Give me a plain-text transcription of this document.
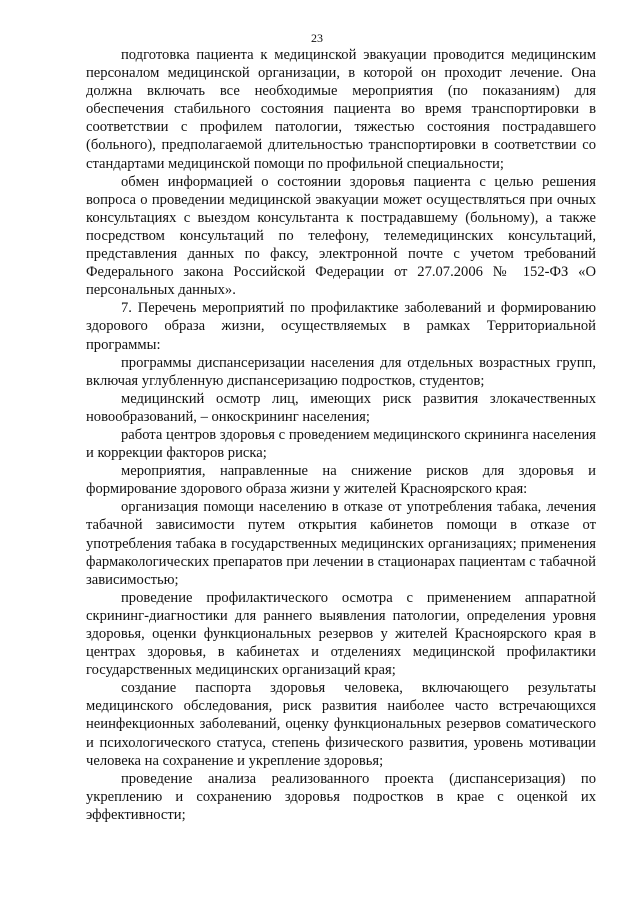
23

подготовка пациента к медицинской эвакуации проводится медицинским персоналом медицинской организации, в которой он проходит лечение. Она должна включать все необходимые мероприятия (по показаниям) для обеспечения стабильного состояния пациента во время транспортировки в соответствии с профилем патологии, тяжестью состояния пострадавшего (больного), предполагаемой длительностью транспортировки в соответствии со стандартами медицинской помощи по профильной специальности;

обмен информацией о состоянии здоровья пациента с целью решения вопроса о проведении медицинской эвакуации может осуществляться при очных консультациях с выездом консультанта к пострадавшему (больному), а также посредством консультаций по телефону, телемедицинских консультаций, представления данных по факсу, электронной почте с учетом требований Федерального закона Российской Федерации от 27.07.2006 № 152-ФЗ «О персональных данных».

7. Перечень мероприятий по профилактике заболеваний и формированию здорового образа жизни, осуществляемых в рамках Территориальной программы:

программы диспансеризации населения для отдельных возрастных групп, включая углубленную диспансеризацию подростков, студентов;

медицинский осмотр лиц, имеющих риск развития злокачественных новообразований, – онкоскрининг населения;

работа центров здоровья с проведением медицинского скрининга населения и коррекции факторов риска;

мероприятия, направленные на снижение рисков для здоровья и формирование здорового образа жизни у жителей Красноярского края:

организация помощи населению в отказе от употребления табака, лечения табачной зависимости путем открытия кабинетов помощи в отказе от употребления табака в государственных медицинских организациях; применения фармакологических препаратов при лечении в стационарах пациентам с табачной зависимостью;

проведение профилактического осмотра с применением аппаратной скрининг-диагностики для раннего выявления патологии, определения уровня здоровья, оценки функциональных резервов у жителей Красноярского края в центрах здоровья, в кабинетах и отделениях медицинской профилактики государственных медицинских организаций края;

создание паспорта здоровья человека, включающего результаты медицинского обследования, риск развития наиболее часто встречающихся неинфекционных заболеваний, оценку функциональных резервов соматического и психологического статуса, степень физического развития, уровень мотивации человека на сохранение и укрепление здоровья;

проведение анализа реализованного проекта (диспансеризация) по укреплению и сохранению здоровья подростков в крае с оценкой их эффективности;
